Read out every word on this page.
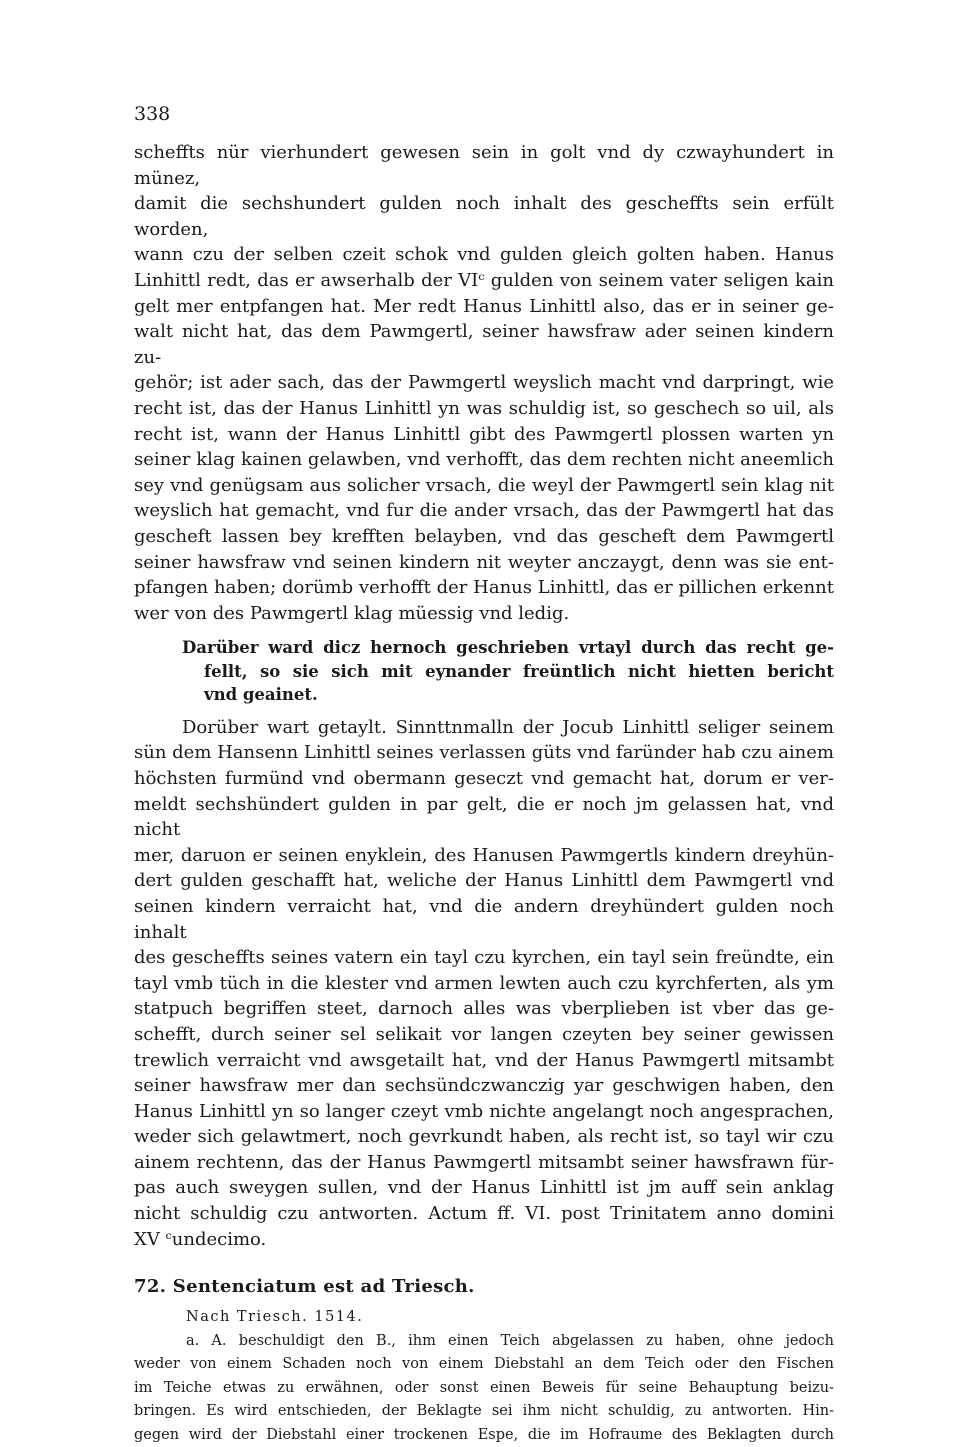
338
scheffts nür vierhundert gewesen sein in golt vnd dy czwayhundert in münez,
damit die sechshundert gulden noch inhalt des gescheffts sein erfült worden,
wann czu der selben czeit schok vnd gulden gleich golten haben. Hanus
Linhittl redt, das er awserhalb der VIᶜ gulden von seinem vater seligen kain
gelt mer entpfangen hat. Mer redt Hanus Linhittl also, das er in seiner ge-
walt nicht hat, das dem Pawmgertl, seiner hawsfraw ader seinen kindern zu-
gehör; ist ader sach, das der Pawmgertl weyslich macht vnd darpringt, wie
recht ist, das der Hanus Linhittl yn was schuldig ist, so geschech so uil, als
recht ist, wann der Hanus Linhittl gibt des Pawmgertl plossen warten yn
seiner klag kainen gelawben, vnd verhofft, das dem rechten nicht aneemlich
sey vnd genügsam aus solicher vrsach, die weyl der Pawmgertl sein klag nit
weyslich hat gemacht, vnd fur die ander vrsach, das der Pawmgertl hat das
gescheft lassen bey krefften belayben, vnd das gescheft dem Pawmgertl
seiner hawsfraw vnd seinen kindern nit weyter anczaygt, denn was sie ent-
pfangen haben; dorümb verhofft der Hanus Linhittl, das er pillichen erkennt
wer von des Pawmgertl klag müessig vnd ledig.
Darüber ward dicz hernoch geschrieben vrtayl durch das recht ge-
fellt, so sie sich mit eynander freüntlich nicht hietten bericht
vnd geainet.
Dorüber wart getaylt. Sinnttnmalln der Jocub Linhittl seliger seinem
sün dem Hansenn Linhittl seines verlassen güts vnd faründer hab czu ainem
höchsten furmünd vnd obermann geseczt vnd gemacht hat, dorum er ver-
meldt sechshündert gulden in par gelt, die er noch jm gelassen hat, vnd nicht
mer, daruon er seinen enyklein, des Hanusen Pawmgertls kindern dreyhün-
dert gulden geschafft hat, weliche der Hanus Linhittl dem Pawmgertl vnd
seinen kindern verraicht hat, vnd die andern dreyhündert gulden noch inhalt
des gescheffts seines vatern ein tayl czu kyrchen, ein tayl sein freündte, ein
tayl vmb tüch in die klester vnd armen lewten auch czu kyrchferten, als ym
statpuch begriffen steet, darnoch alles was vberplieben ist vber das ge-
schefft, durch seiner sel selikait vor langen czeyten bey seiner gewissen
trewlich verraicht vnd awsgetailt hat, vnd der Hanus Pawmgertl mitsambt
seiner hawsfraw mer dan sechsündczwanczig yar geschwigen haben, den
Hanus Linhittl yn so langer czeyt vmb nichte angelangt noch angesprachen,
weder sich gelawtmert, noch gevrkundt haben, als recht ist, so tayl wir czu
ainem rechtenn, das der Hanus Pawmgertl mitsambt seiner hawsfrawn für-
pas auch sweygen sullen, vnd der Hanus Linhittl ist jm auff sein anklag
nicht schuldig czu antworten. Actum ff. VI. post Trinitatem anno domini
XV ᶜundecimo.
72. Sentenciatum est ad Triesch.
Nach Triesch. 1514.
a. A. beschuldigt den B., ihm einen Teich abgelassen zu haben, ohne jedoch
weder von einem Schaden noch von einem Diebstahl an dem Teich oder den Fischen
im Teiche etwas zu erwähnen, oder sonst einen Beweis für seine Behauptung beizu-
bringen. Es wird entschieden, der Beklagte sei ihm nicht schuldig, zu antworten. Hin-
gegen wird der Diebstahl einer trockenen Espe, die im Hofraume des Beklagten durch
